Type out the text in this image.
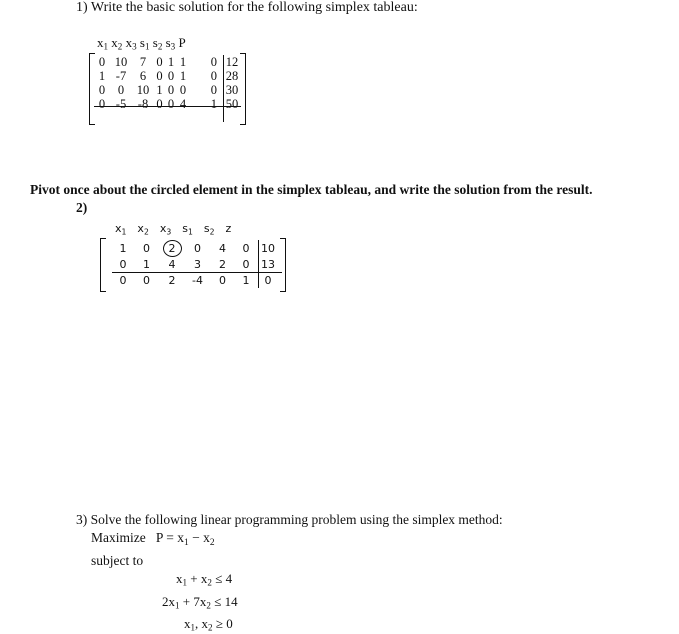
1) Write the basic solution for the following simplex tableau:
$x_1$ $x_2$ $x_3$ $s_1$ $s_2$ $s_3$ P
0	10	7	0	1	1	0	12
1	-7	6	0	0	1	0	28
0	0	10	1	0	0	0	30
0	-5	-8	0	0	4	1	50
Pivot once about the circled element in the simplex tableau, and write the solution from the result.
2)
$x_1$ $x_2$ $x_3$ $s_1$ $s_2$ z
1	0	2	0	4	0	10
0	1	4	3	2	0	13
0	0	2	-4	0	1	0
3) Solve the following linear programming problem using the simplex method:
Maximize $P = x_1 - x_2$
subject to
$x_1 + x_2 \le 4$
$2x_1 + 7x_2 \le 14$
$x_1$, $x_2 \ge 0$
